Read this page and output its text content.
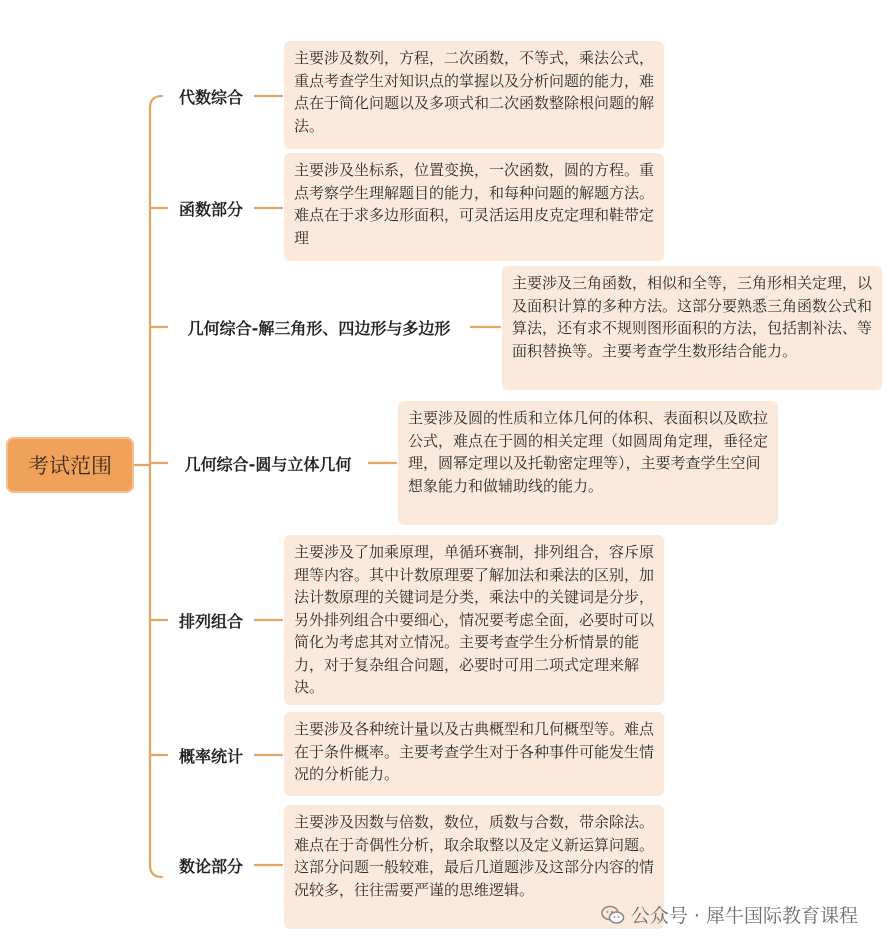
考试范围
代数综合
主要涉及数列，方程，二次函数，不等式，乘法公式，重点考查学生对知识点的掌握以及分析问题的能力，难点在于简化问题以及多项式和二次函数整除根问题的解法。
函数部分
主要涉及坐标系，位置变换，一次函数，圆的方程。重点考察学生理解题目的能力，和每种问题的解题方法。难点在于求多边形面积，可灵活运用皮克定理和鞋带定理
几何综合-解三角形、四边形与多边形
主要涉及三角函数，相似和全等，三角形相关定理，以及面积计算的多种方法。这部分要熟悉三角函数公式和算法，还有求不规则图形面积的方法，包括割补法、等面积替换等。主要考查学生数形结合能力。
几何综合-圆与立体几何
主要涉及圆的性质和立体几何的体积、表面积以及欧拉公式，难点在于圆的相关定理（如圆周角定理，垂径定理，圆幂定理以及托勒密定理等），主要考查学生空间想象能力和做辅助线的能力。
排列组合
主要涉及了加乘原理，单循环赛制，排列组合，容斥原理等内容。其中计数原理要了解加法和乘法的区别，加法计数原理的关键词是分类，乘法中的关键词是分步，另外排列组合中要细心，情况要考虑全面，必要时可以简化为考虑其对立情况。主要考查学生分析情景的能力，对于复杂组合问题，必要时可用二项式定理来解决。
概率统计
主要涉及各种统计量以及古典概型和几何概型等。难点在于条件概率。主要考查学生对于各种事件可能发生情况的分析能力。
数论部分
主要涉及因数与倍数，数位，质数与合数，带余除法。难点在于奇偶性分析，取余取整以及定义新运算问题。这部分问题一般较难，最后几道题涉及这部分内容的情况较多，往往需要严谨的思维逻辑。
公众号 · 犀牛国际教育课程
